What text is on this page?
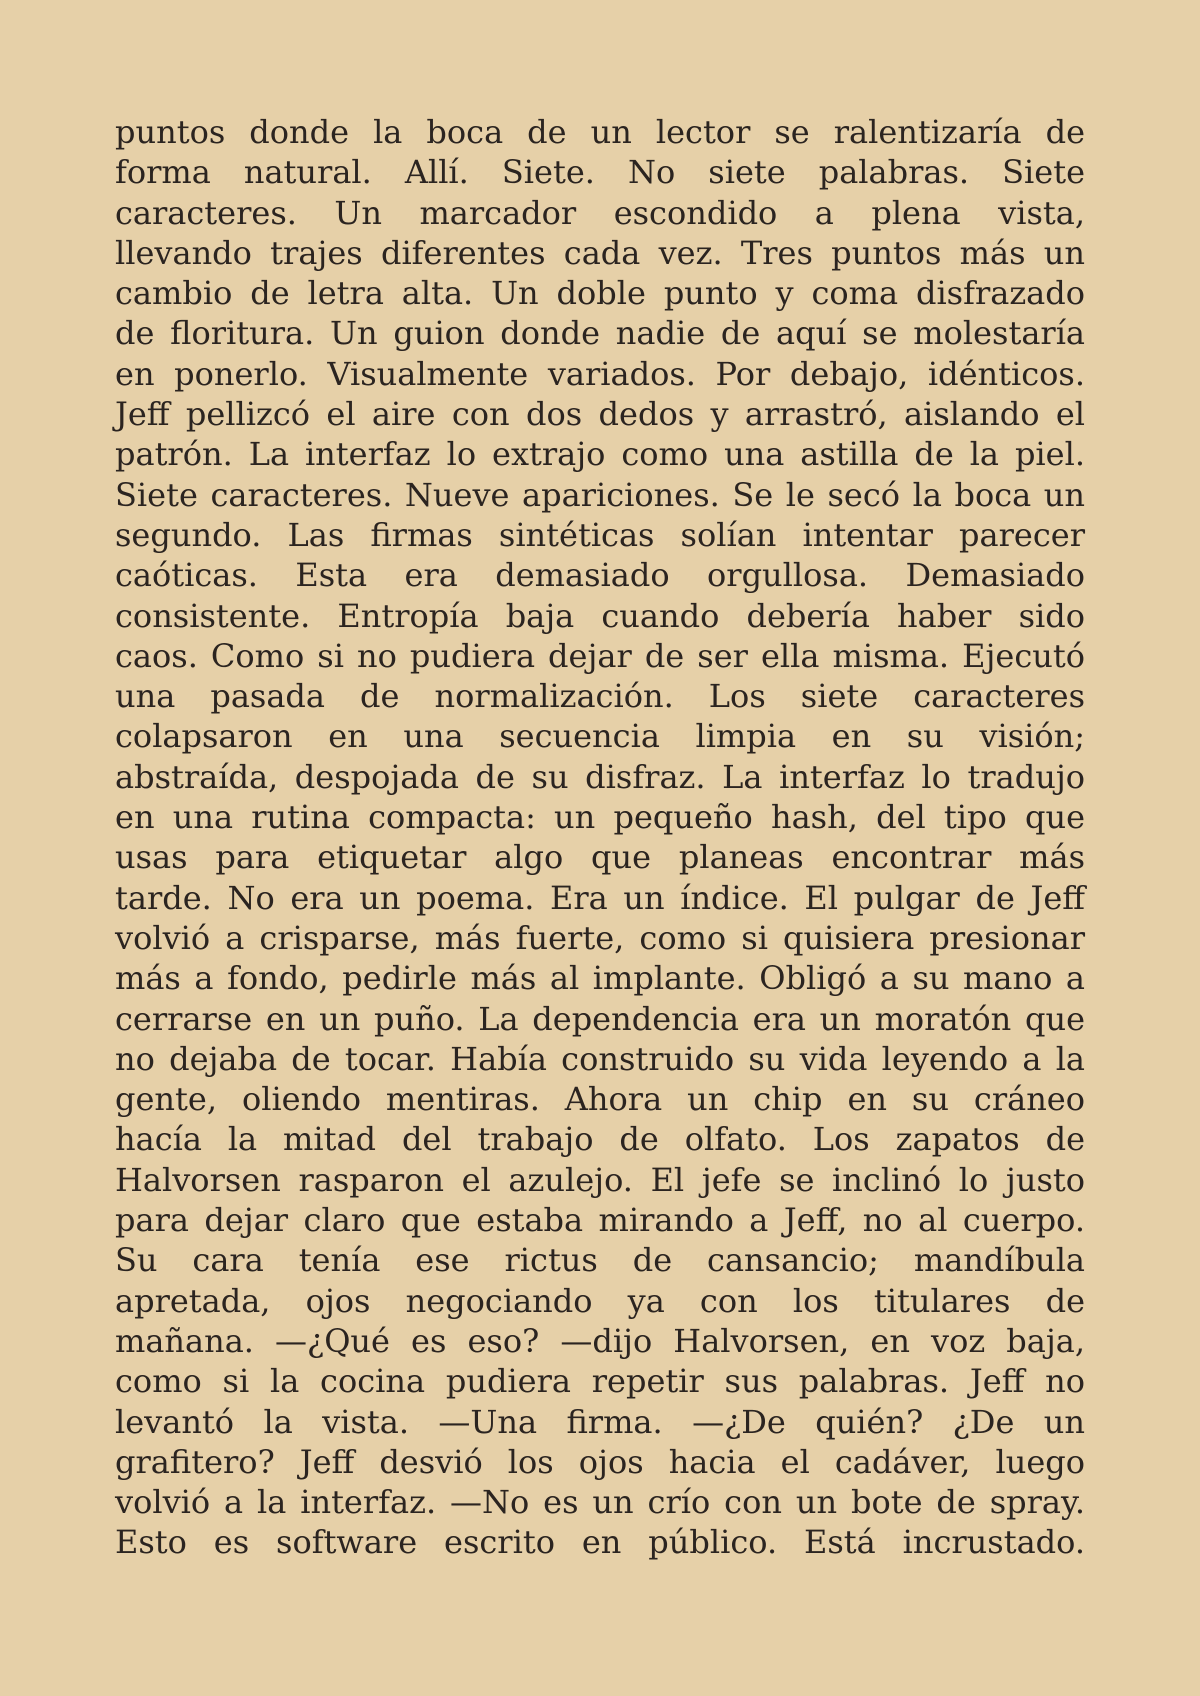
puntos donde la boca de un lector se ralentizaría de
forma natural. Allí. Siete. No siete palabras. Siete
caracteres. Un marcador escondido a plena vista,
llevando trajes diferentes cada vez. Tres puntos más un
cambio de letra alta. Un doble punto y coma disfrazado
de floritura. Un guion donde nadie de aquí se molestaría
en ponerlo. Visualmente variados. Por debajo, idénticos.
Jeff pellizcó el aire con dos dedos y arrastró, aislando el
patrón. La interfaz lo extrajo como una astilla de la piel.
Siete caracteres. Nueve apariciones. Se le secó la boca un
segundo. Las firmas sintéticas solían intentar parecer
caóticas. Esta era demasiado orgullosa. Demasiado
consistente. Entropía baja cuando debería haber sido
caos. Como si no pudiera dejar de ser ella misma. Ejecutó
una pasada de normalización. Los siete caracteres
colapsaron en una secuencia limpia en su visión;
abstraída, despojada de su disfraz. La interfaz lo tradujo
en una rutina compacta: un pequeño hash, del tipo que
usas para etiquetar algo que planeas encontrar más
tarde. No era un poema. Era un índice. El pulgar de Jeff
volvió a crisparse, más fuerte, como si quisiera presionar
más a fondo, pedirle más al implante. Obligó a su mano a
cerrarse en un puño. La dependencia era un moratón que
no dejaba de tocar. Había construido su vida leyendo a la
gente, oliendo mentiras. Ahora un chip en su cráneo
hacía la mitad del trabajo de olfato. Los zapatos de
Halvorsen rasparon el azulejo. El jefe se inclinó lo justo
para dejar claro que estaba mirando a Jeff, no al cuerpo.
Su cara tenía ese rictus de cansancio; mandíbula
apretada, ojos negociando ya con los titulares de
mañana. —¿Qué es eso? —dijo Halvorsen, en voz baja,
como si la cocina pudiera repetir sus palabras. Jeff no
levantó la vista. —Una firma. —¿De quién? ¿De un
grafitero? Jeff desvió los ojos hacia el cadáver, luego
volvió a la interfaz. —No es un crío con un bote de spray.
Esto es software escrito en público. Está incrustado.
